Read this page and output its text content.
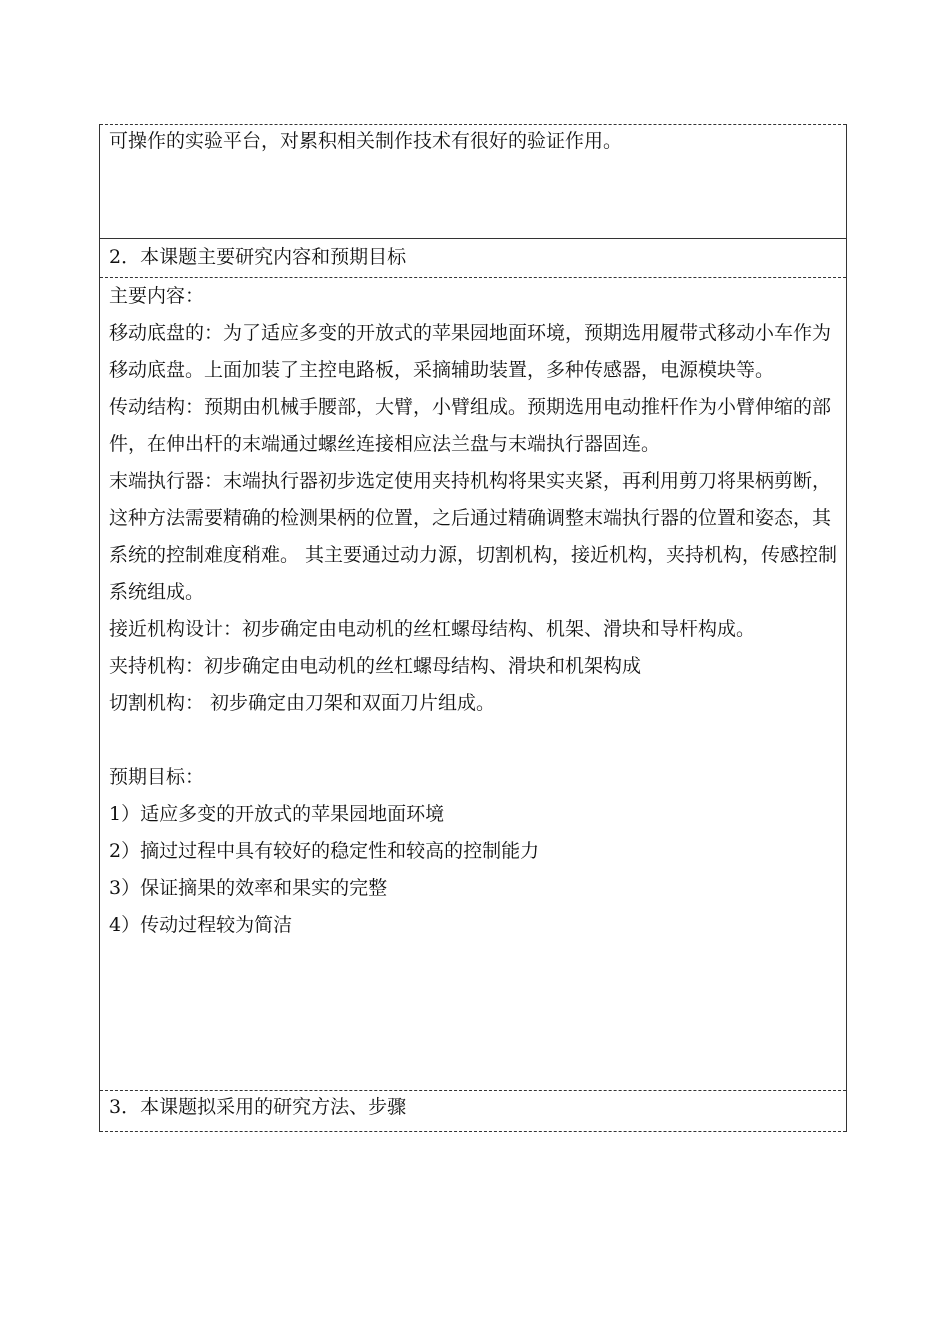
可操作的实验平台，对累积相关制作技术有很好的验证作用。

2．本课题主要研究内容和预期目标

主要内容：

移动底盘的：为了适应多变的开放式的苹果园地面环境，预期选用履带式移动小车作为移动底盘。上面加装了主控电路板，采摘辅助装置，多种传感器，电源模块等。

传动结构：预期由机械手腰部，大臂，小臂组成。预期选用电动推杆作为小臂伸缩的部件，在伸出杆的末端通过螺丝连接相应法兰盘与末端执行器固连。

末端执行器：末端执行器初步选定使用夹持机构将果实夹紧，再利用剪刀将果柄剪断，这种方法需要精确的检测果柄的位置，之后通过精确调整末端执行器的位置和姿态，其系统的控制难度稍难。 其主要通过动力源，切割机构，接近机构，夹持机构，传感控制系统组成。

接近机构设计：初步确定由电动机的丝杠螺母结构、机架、滑块和导杆构成。

夹持机构：初步确定由电动机的丝杠螺母结构、滑块和机架构成

切割机构： 初步确定由刀架和双面刀片组成。

预期目标：

1）适应多变的开放式的苹果园地面环境

2）摘过过程中具有较好的稳定性和较高的控制能力

3）保证摘果的效率和果实的完整

4）传动过程较为简洁

3．本课题拟采用的研究方法、步骤
